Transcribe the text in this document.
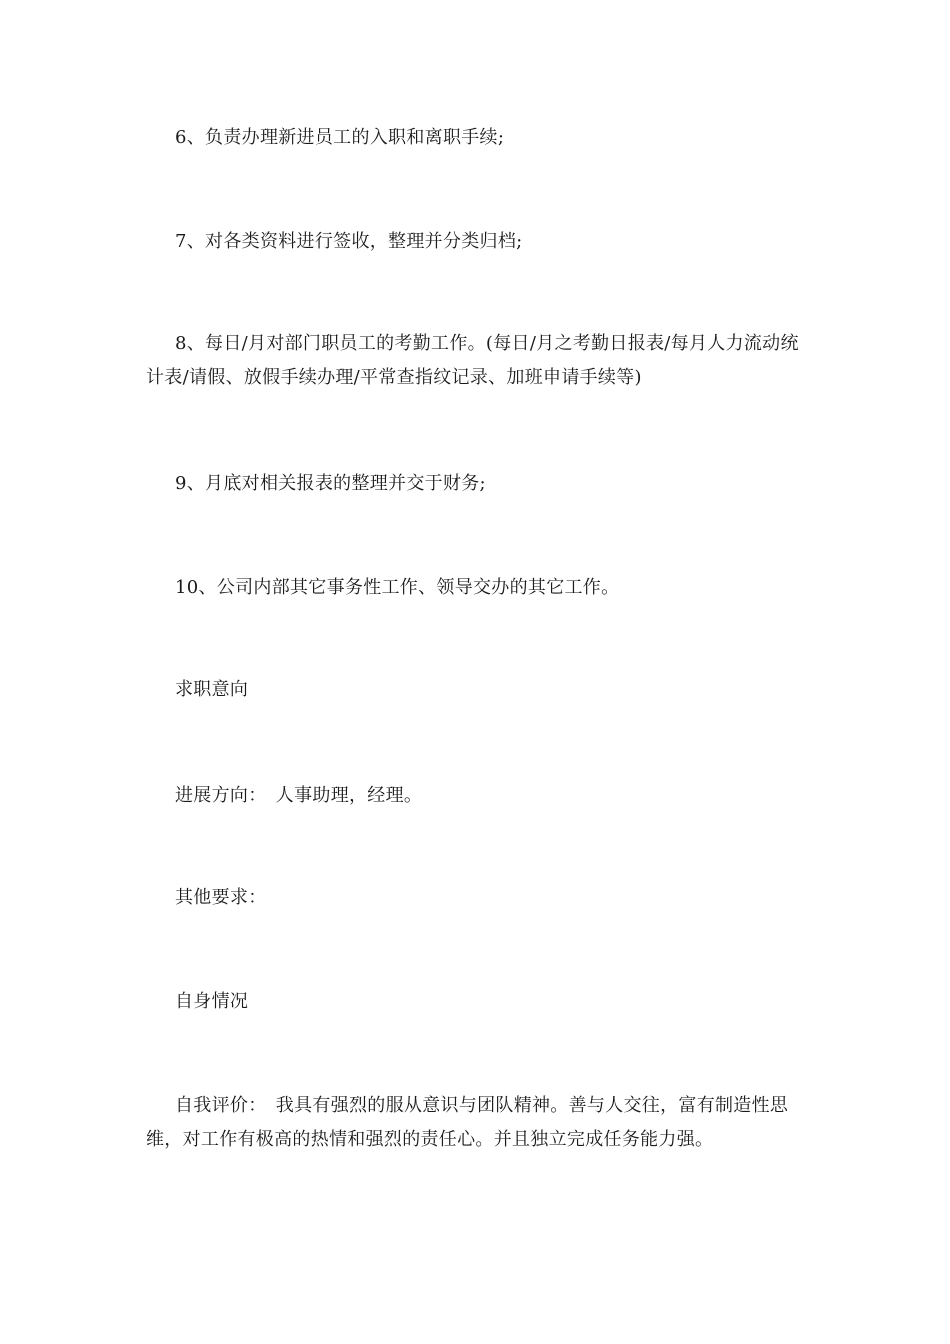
6、负责办理新进员工的入职和离职手续;

7、对各类资料进行签收，整理并分类归档;

8、每日/月对部门职员工的考勤工作。(每日/月之考勤日报表/每月人力流动统计表/请假、放假手续办理/平常查指纹记录、加班申请手续等)

9、月底对相关报表的整理并交于财务;

10、公司内部其它事务性工作、领导交办的其它工作。

求职意向

进展方向：　人事助理，经理。

其他要求：

自身情况

自我评价：　我具有强烈的服从意识与团队精神。善与人交往，富有制造性思维，对工作有极高的热情和强烈的责任心。并且独立完成任务能力强。
